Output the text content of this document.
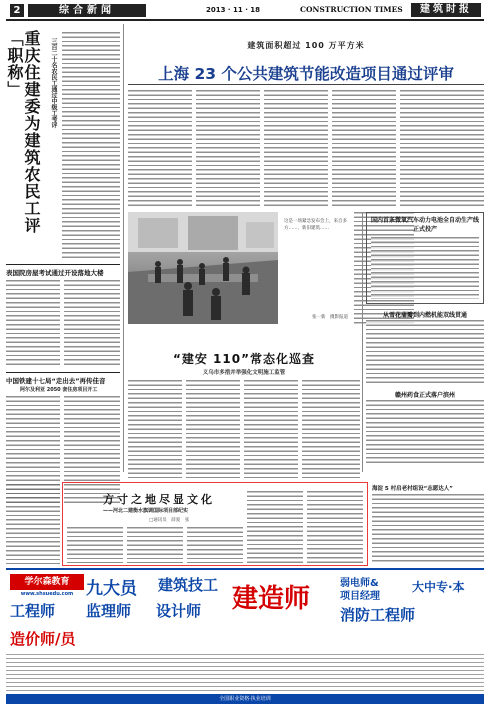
2	综合新闻	2013 · 11 · 18	CONSTRUCTION TIMES	建筑时报
重庆住建委为建筑农民工评「职称」	三百二十名农民工通过中级工考评
表国院房屋考试通过开设落地大楼
中国铁建十七局“走出去”再传佳音
阿尔及利亚 2050 套住房项目开工
建筑面积超过 100 万平方米
上海 23 个公共建筑节能改造项目通过评审
这是一场紧急发布会上，来自多方……，新旧建筑……
张一新　摄影报道
国内首条微氧汽车动力电池全自动生产线正式投产
从雪花蒲瓣到内燃机能双线贯通
赣州药食正式落户滨州
“建安 110”常态化巡查
义乌市多措并举强化文明施工监管
方寸之地尽显文化
——河北二建衡水旗调国际项目部纪实
□通讯员　薛爱　张
海淀 5 村启老村组设“志愿达人”
学尔森教育
www.shsuedu.com
工程师
九大员	建筑技工 建造师
设计师
造价师/员
监理师	消防工程师
弱电师&
项目经理
大中专·本
全国职业资格·执业培训
